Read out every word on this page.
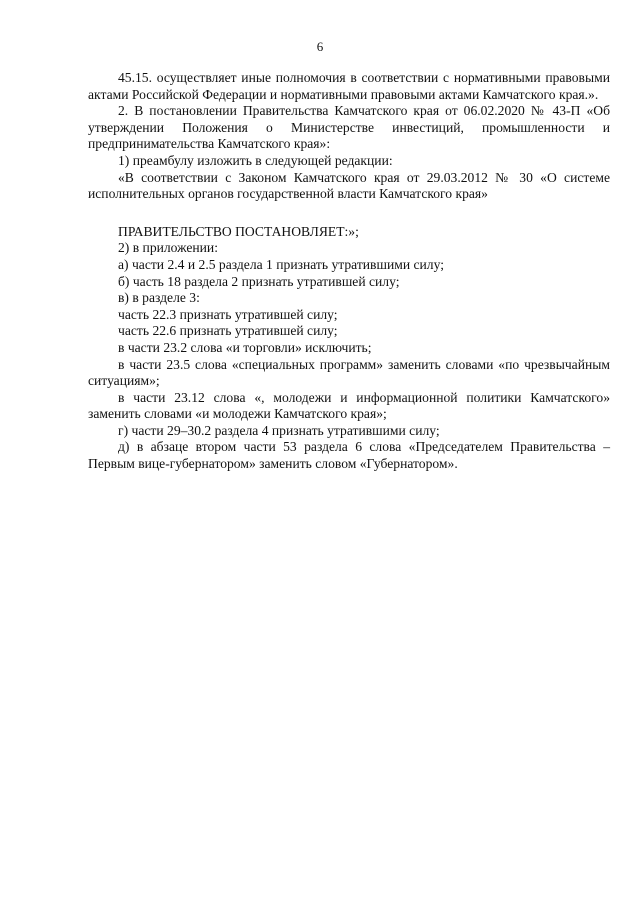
6

45.15. осуществляет иные полномочия в соответствии с нормативными правовыми актами Российской Федерации и нормативными правовыми актами Камчатского края.».

2. В постановлении Правительства Камчатского края от 06.02.2020 № 43-П «Об утверждении Положения о Министерстве инвестиций, промышленности и предпринимательства Камчатского края»:

1) преамбулу изложить в следующей редакции:

«В соответствии с Законом Камчатского края от 29.03.2012 № 30 «О системе исполнительных органов государственной власти Камчатского края»

ПРАВИТЕЛЬСТВО ПОСТАНОВЛЯЕТ:»;

2) в приложении:

а) части 2.4 и 2.5 раздела 1 признать утратившими силу;

б) часть 18 раздела 2 признать утратившей силу;

в) в разделе 3:

часть 22.3 признать утратившей силу;

часть 22.6 признать утратившей силу;

в части 23.2 слова «и торговли» исключить;

в части 23.5 слова «специальных программ» заменить словами «по чрезвычайным ситуациям»;

в части 23.12 слова «, молодежи и информационной политики Камчатского» заменить словами «и молодежи Камчатского края»;

г) части 29–30.2 раздела 4 признать утратившими силу;

д) в абзаце втором части 53 раздела 6 слова «Председателем Правительства – Первым вице-губернатором» заменить словом «Губернатором».
